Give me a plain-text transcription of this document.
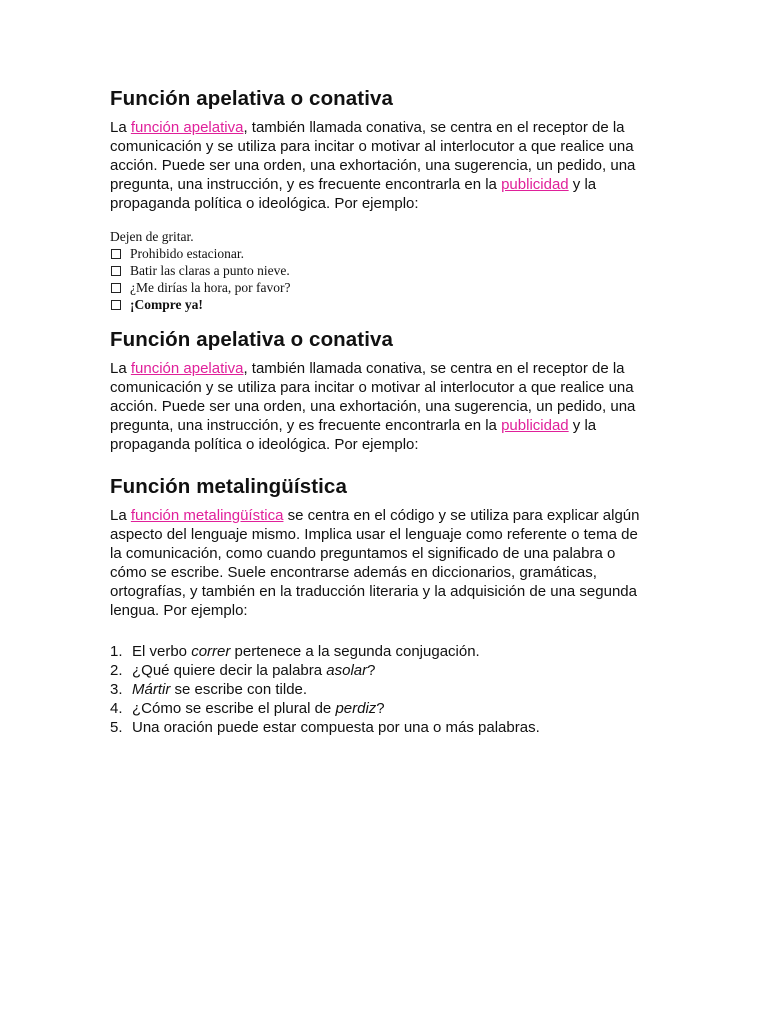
Función apelativa o conativa

La función apelativa, también llamada conativa, se centra en el receptor de la comunicación y se utiliza para incitar o motivar al interlocutor a que realice una acción. Puede ser una orden, una exhortación, una sugerencia, un pedido, una pregunta, una instrucción, y es frecuente encontrarla en la publicidad y la propaganda política o ideológica. Por ejemplo:

Dejen de gritar.
Prohibido estacionar.
Batir las claras a punto nieve.
¿Me dirías la hora, por favor?
¡Compre ya!
Función apelativa o conativa

La función apelativa, también llamada conativa, se centra en el receptor de la comunicación y se utiliza para incitar o motivar al interlocutor a que realice una acción. Puede ser una orden, una exhortación, una sugerencia, un pedido, una pregunta, una instrucción, y es frecuente encontrarla en la publicidad y la propaganda política o ideológica. Por ejemplo:

Función metalingüística

La función metalingüística se centra en el código y se utiliza para explicar algún aspecto del lenguaje mismo. Implica usar el lenguaje como referente o tema de la comunicación, como cuando preguntamos el significado de una palabra o cómo se escribe. Suele encontrarse además en diccionarios, gramáticas, ortografías, y también en la traducción literaria y la adquisición de una segunda lengua. Por ejemplo:

1. El verbo correr pertenece a la segunda conjugación.
2. ¿Qué quiere decir la palabra asolar?
3. Mártir se escribe con tilde.
4. ¿Cómo se escribe el plural de perdiz?
5. Una oración puede estar compuesta por una o más palabras.
